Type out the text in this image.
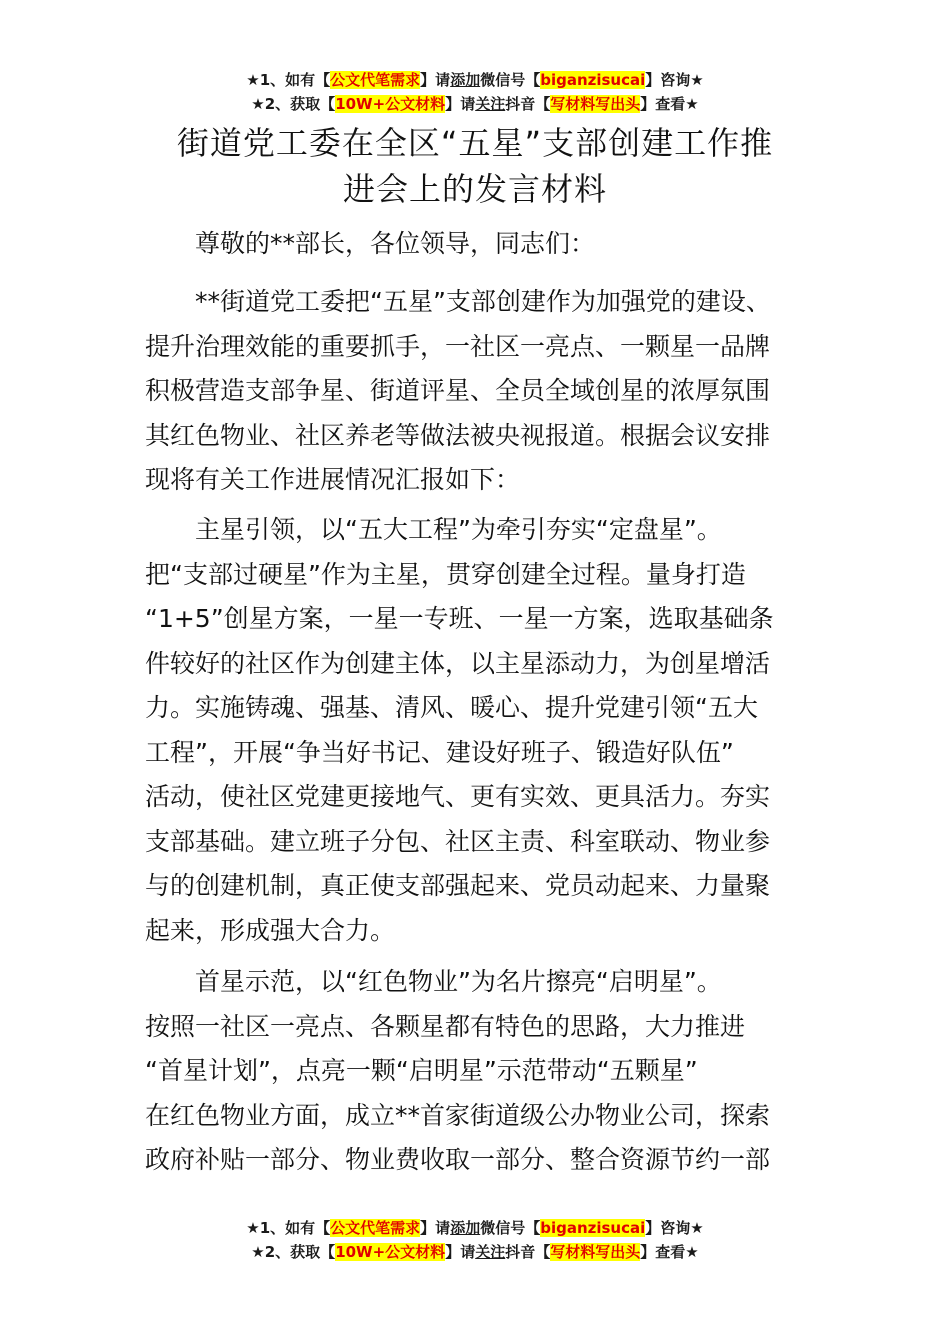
★1、如有【公文代笔需求】请添加微信号【biganzisucai】咨询★
★2、获取【10W+公文材料】请关注抖音【写材料写出头】查看★
街道党工委在全区“五星”支部创建工作推
进会上的发言材料
尊敬的**部长，各位领导，同志们：
**街道党工委把“五星”支部创建作为加强党的建设、
提升治理效能的重要抓手，一社区一亮点、一颗星一品牌
积极营造支部争星、街道评星、全员全域创星的浓厚氛围
其红色物业、社区养老等做法被央视报道。根据会议安排
现将有关工作进展情况汇报如下：
主星引领，以“五大工程”为牵引夯实“定盘星”。
把“支部过硬星”作为主星，贯穿创建全过程。量身打造
“1+5”创星方案，一星一专班、一星一方案，选取基础条
件较好的社区作为创建主体，以主星添动力，为创星增活
力。实施铸魂、强基、清风、暖心、提升党建引领“五大
工程”，开展“争当好书记、建设好班子、锻造好队伍”
活动，使社区党建更接地气、更有实效、更具活力。夯实
支部基础。建立班子分包、社区主责、科室联动、物业参
与的创建机制，真正使支部强起来、党员动起来、力量聚
起来，形成强大合力。
首星示范，以“红色物业”为名片擦亮“启明星”。
按照一社区一亮点、各颗星都有特色的思路，大力推进
“首星计划”，点亮一颗“启明星”示范带动“五颗星”
在红色物业方面，成立**首家街道级公办物业公司，探索
政府补贴一部分、物业费收取一部分、整合资源节约一部
★1、如有【公文代笔需求】请添加微信号【biganzisucai】咨询★
★2、获取【10W+公文材料】请关注抖音【写材料写出头】查看★
